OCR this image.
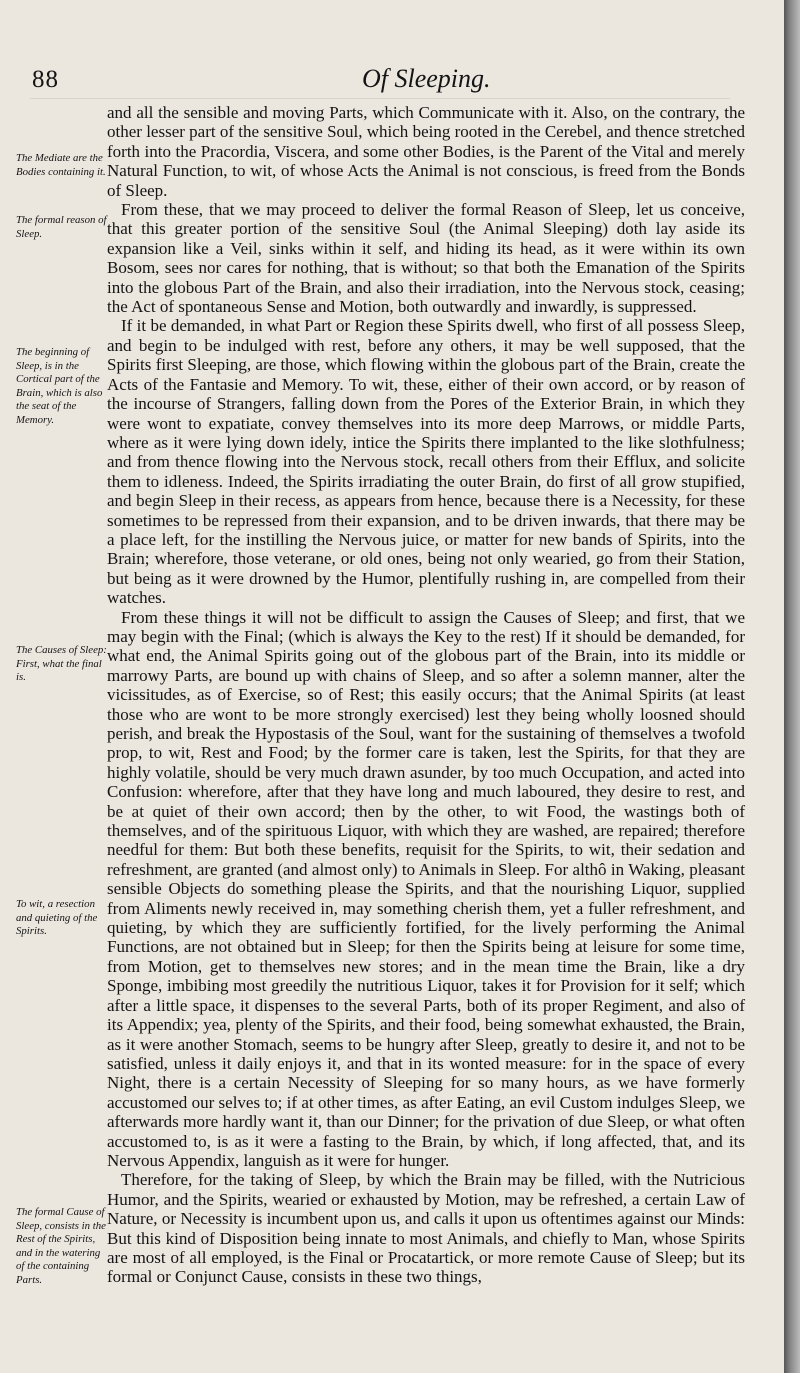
88	Of Sleeping.
The Mediate are the Bodies containing it.
The formal reason of Sleep.
The beginning of Sleep, is in the Cortical part of the Brain, which is also the seat of the Memory.
The Causes of Sleep: First, what the final is.
To wit, a resection and quieting of the Spirits.
The formal Cause of Sleep, consists in the Rest of the Spirits, and in the watering of the containing Parts.

and all the sensible and moving Parts, which Communicate with it. Also, on the contrary, the other lesser part of the sensitive Soul, which being rooted in the Cerebel, and thence stretched forth into the Pracordia, Viscera, and some other Bodies, is the Parent of the Vital and merely Natural Function, to wit, of whose Acts the Animal is not conscious, is freed from the Bonds of Sleep.

From these, that we may proceed to deliver the formal Reason of Sleep, let us conceive, that this greater portion of the sensitive Soul (the Animal Sleeping) doth lay aside its expansion like a Veil, sinks within it self, and hiding its head, as it were within its own Bosom, sees nor cares for nothing, that is without; so that both the Emanation of the Spirits into the globous Part of the Brain, and also their irradiation, into the Nervous stock, ceasing; the Act of spontaneous Sense and Motion, both outwardly and inwardly, is suppressed.

If it be demanded, in what Part or Region these Spirits dwell, who first of all possess Sleep, and begin to be indulged with rest, before any others, it may be well supposed, that the Spirits first Sleeping, are those, which flowing within the globous part of the Brain, create the Acts of the Fantasie and Memory. To wit, these, either of their own accord, or by reason of the incourse of Strangers, falling down from the Pores of the Exterior Brain, in which they were wont to expatiate, convey themselves into its more deep Marrows, or middle Parts, where as it were lying down idely, intice the Spirits there implanted to the like slothfulness; and from thence flowing into the Nervous stock, recall others from their Efflux, and solicite them to idleness. Indeed, the Spirits irradiating the outer Brain, do first of all grow stupified, and begin Sleep in their recess, as appears from hence, because there is a Necessity, for these sometimes to be repressed from their expansion, and to be driven inwards, that there may be a place left, for the instilling the Nervous juice, or matter for new bands of Spirits, into the Brain; wherefore, those veterane, or old ones, being not only wearied, go from their Station, but being as it were drowned by the Humor, plentifully rushing in, are compelled from their watches.

From these things it will not be difficult to assign the Causes of Sleep; and first, that we may begin with the Final; (which is always the Key to the rest) If it should be demanded, for what end, the Animal Spirits going out of the globous part of the Brain, into its middle or marrowy Parts, are bound up with chains of Sleep, and so after a solemn manner, alter the vicissitudes, as of Exercise, so of Rest; this easily occurs; that the Animal Spirits (at least those who are wont to be more strongly exercised) lest they being wholly loosned should perish, and break the Hypostasis of the Soul, want for the sustaining of themselves a twofold prop, to wit, Rest and Food; by the former care is taken, lest the Spirits, for that they are highly volatile, should be very much drawn asunder, by too much Occupation, and acted into Confusion: wherefore, after that they have long and much laboured, they desire to rest, and be at quiet of their own accord; then by the other, to wit Food, the wastings both of themselves, and of the spirituous Liquor, with which they are washed, are repaired; therefore needful for them: But both these benefits, requisit for the Spirits, to wit, their sedation and refreshment, are granted (and almost only) to Animals in Sleep. For althô in Waking, pleasant sensible Objects do something please the Spirits, and that the nourishing Liquor, supplied from Aliments newly received in, may something cherish them, yet a fuller refreshment, and quieting, by which they are sufficiently fortified, for the lively performing the Animal Functions, are not obtained but in Sleep; for then the Spirits being at leisure for some time, from Motion, get to themselves new stores; and in the mean time the Brain, like a dry Sponge, imbibing most greedily the nutritious Liquor, takes it for Provision for it self; which after a little space, it dispenses to the several Parts, both of its proper Regiment, and also of its Appendix; yea, plenty of the Spirits, and their food, being somewhat exhausted, the Brain, as it were another Stomach, seems to be hungry after Sleep, greatly to desire it, and not to be satisfied, unless it daily enjoys it, and that in its wonted measure: for in the space of every Night, there is a certain Necessity of Sleeping for so many hours, as we have formerly accustomed our selves to; if at other times, as after Eating, an evil Custom indulges Sleep, we afterwards more hardly want it, than our Dinner; for the privation of due Sleep, or what often accustomed to, is as it were a fasting to the Brain, by which, if long affected, that, and its Nervous Appendix, languish as it were for hunger.

Therefore, for the taking of Sleep, by which the Brain may be filled, with the Nutricious Humor, and the Spirits, wearied or exhausted by Motion, may be refreshed, a certain Law of Nature, or Necessity is incumbent upon us, and calls it upon us oftentimes against our Minds: But this kind of Disposition being innate to most Animals, and chiefly to Man, whose Spirits are most of all employed, is the Final or Procatartick, or more remote Cause of Sleep; but its formal or Conjunct Cause, consists in these two things,
